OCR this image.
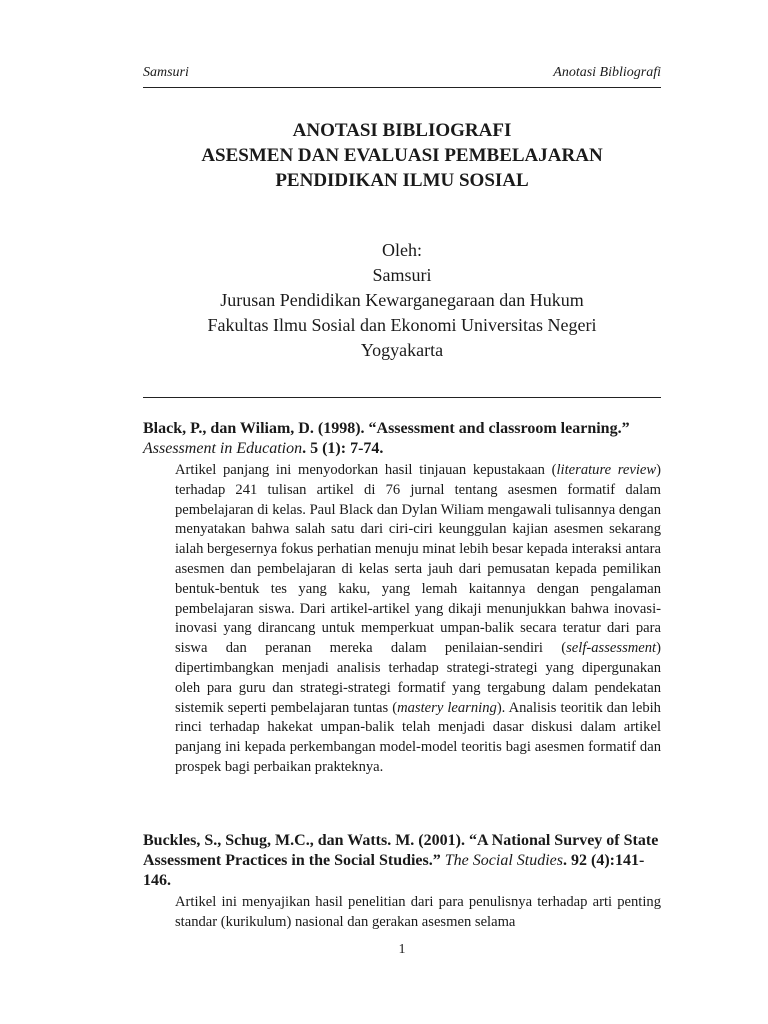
Samsuri	Anotasi Bibliografi
ANOTASI BIBLIOGRAFI
ASESMEN DAN EVALUASI PEMBELAJARAN
PENDIDIKAN ILMU SOSIAL
Oleh:
Samsuri
Jurusan Pendidikan Kewarganegaraan dan Hukum
Fakultas Ilmu Sosial dan Ekonomi Universitas Negeri
Yogyakarta
Black, P., dan Wiliam, D. (1998). “Assessment and classroom learning.” Assessment in Education. 5 (1): 7-74.
Artikel panjang ini menyodorkan hasil tinjauan kepustakaan (literature review) terhadap 241 tulisan artikel di 76 jurnal tentang asesmen formatif dalam pembelajaran di kelas. Paul Black dan Dylan Wiliam mengawali tulisannya dengan menyatakan bahwa salah satu dari ciri-ciri keunggulan kajian asesmen sekarang ialah bergesernya fokus perhatian menuju minat lebih besar kepada interaksi antara asesmen dan pembelajaran di kelas serta jauh dari pemusatan kepada pemilikan bentuk-bentuk tes yang kaku, yang lemah kaitannya dengan pengalaman pembelajaran siswa. Dari artikel-artikel yang dikaji menunjukkan bahwa inovasi-inovasi yang dirancang untuk memperkuat umpan-balik secara teratur dari para siswa dan peranan mereka dalam penilaian-sendiri (self-assessment) dipertimbangkan menjadi analisis terhadap strategi-strategi yang dipergunakan oleh para guru dan strategi-strategi formatif yang tergabung dalam pendekatan sistemik seperti pembelajaran tuntas (mastery learning). Analisis teoritik dan lebih rinci terhadap hakekat umpan-balik telah menjadi dasar diskusi dalam artikel panjang ini kepada perkembangan model-model teoritis bagi asesmen formatif dan prospek bagi perbaikan prakteknya.
Buckles, S., Schug, M.C., dan Watts. M. (2001). “A National Survey of State Assessment Practices in the Social Studies.” The Social Studies. 92 (4):141-146.
Artikel ini menyajikan hasil penelitian dari para penulisnya terhadap arti penting standar (kurikulum) nasional dan gerakan asesmen selama
1
